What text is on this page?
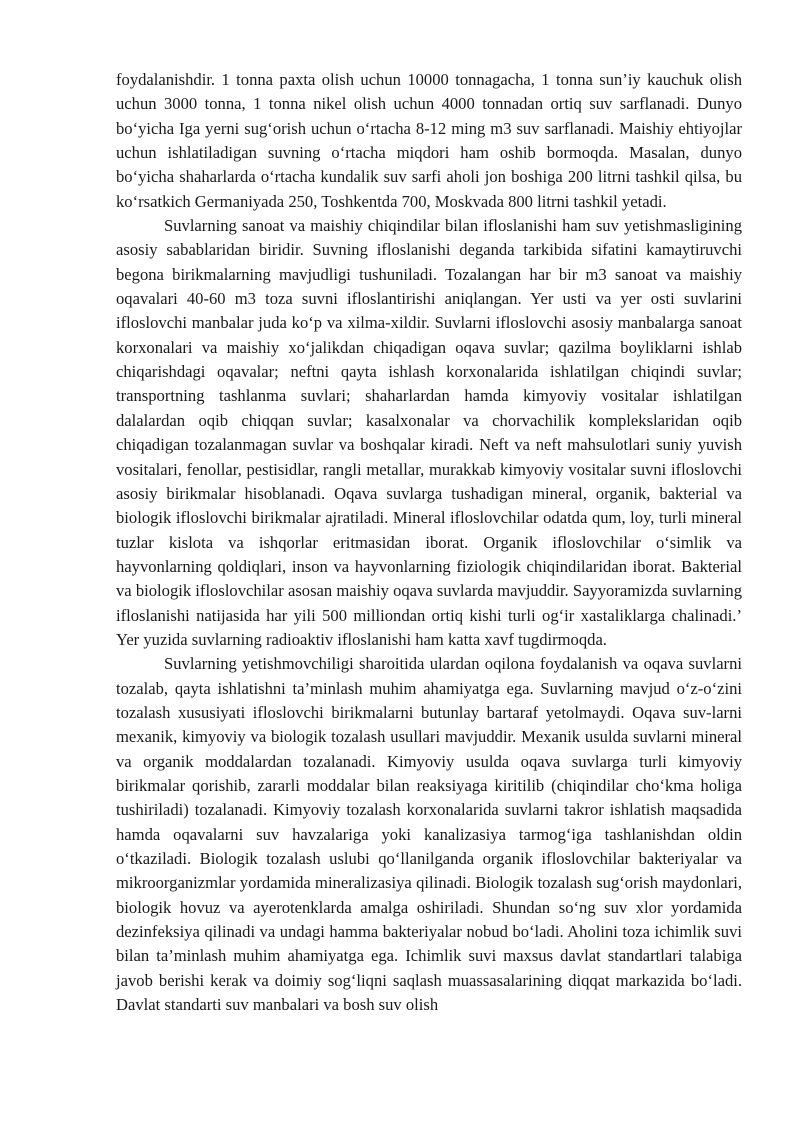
foydalanishdir. 1 tonna paxta olish uchun 10000 tonnagacha, 1 tonna sun’iy kauchuk olish uchun 3000 tonna, 1 tonna nikel olish uchun 4000 tonnadan ortiq suv sarflanadi. Dunyo bo‘yicha Iga yerni sug‘orish uchun o‘rtacha 8-12 ming m3 suv sarflanadi. Maishiy ehtiyojlar uchun ishlatiladigan suvning o‘rtacha miqdori ham oshib bormoqda. Masalan, dunyo bo‘yicha shaharlarda o‘rtacha kundalik suv sarfi aholi jon boshiga 200 litrni tashkil qilsa, bu ko‘rsatkich Germaniyada 250, Toshkentda 700, Moskvada 800 litrni tashkil yetadi.

Suvlarning sanoat va maishiy chiqindilar bilan ifloslanishi ham suv yetishmasligining asosiy sabablaridan biridir. Suvning ifloslanishi deganda tarkibida sifatini kamaytiruvchi begona birikmalarning mavjudligi tushuniladi. Tozalangan har bir m3 sanoat va maishiy oqavalari 40-60 m3 toza suvni ifloslantirishi aniqlangan. Yer usti va yer osti suvlarini ifloslovchi manbalar juda ko‘p va xilma-xildir. Suvlarni ifloslovchi asosiy manbalarga sanoat korxonalari va maishiy xo‘jalikdan chiqadigan oqava suvlar; qazilma boyliklarni ishlab chiqarishdagi oqavalar; neftni qayta ishlash korxonalarida ishlatilgan chiqindi suvlar; transportning tashlanma suvlari; shaharlardan hamda kimyoviy vositalar ishlatilgan dalalardan oqib chiqqan suvlar; kasalxonalar va chorvachilik komplekslaridan oqib chiqadigan tozalanmagan suvlar va boshqalar kiradi. Neft va neft mahsulotlari suniy yuvish vositalari, fenollar, pestisidlar, rangli metallar, murakkab kimyoviy vositalar suvni ifloslovchi asosiy birikmalar hisoblanadi. Oqava suvlarga tushadigan mineral, organik, bakterial va biologik ifloslovchi birikmalar ajratiladi. Mineral ifloslovchilar odatda qum, loy, turli mineral tuzlar kislota va ishqorlar eritmasidan iborat. Organik ifloslovchilar o‘simlik va hayvonlarning qoldiqlari, inson va hayvonlarning fiziologik chiqindilaridan iborat. Bakterial va biologik ifloslovchilar asosan maishiy oqava suvlarda mavjuddir. Sayyoramizda suvlarning ifloslanishi natijasida har yili 500 milliondan ortiq kishi turli og‘ir xastaliklarga chalinadi.’ Yer yuzida suvlarning radioaktiv ifloslanishi ham katta xavf tugdirmoqda.

Suvlarning yetishmovchiligi sharoitida ulardan oqilona foydalanish va oqava suvlarni tozalab, qayta ishlatishni ta’minlash muhim ahamiyatga ega. Suvlarning mavjud o‘z-o‘zini tozalash xususiyati ifloslovchi birikmalarni butunlay bartaraf yetolmaydi. Oqava suv-larni mexanik, kimyoviy va biologik tozalash usullari mavjuddir. Mexanik usulda suvlarni mineral va organik moddalardan tozalanadi. Kimyoviy usulda oqava suvlarga turli kimyoviy birikmalar qorishib, zararli moddalar bilan reaksiyaga kiritilib (chiqindilar cho‘kma holiga tushiriladi) tozalanadi. Kimyoviy tozalash korxonalarida suvlarni takror ishlatish maqsadida hamda oqavalarni suv havzalariga yoki kanalizasiya tarmog‘iga tashlanishdan oldin o‘tkaziladi. Biologik tozalash uslubi qo‘llanilganda organik ifloslovchilar bakteriyalar va mikroorganizmlar yordamida mineralizasiya qilinadi. Biologik tozalash sug‘orish maydonlari, biologik hovuz va ayerotenklarda amalga oshiriladi. Shundan so‘ng suv xlor yordamida dezinfeksiya qilinadi va undagi hamma bakteriyalar nobud bo‘ladi. Aholini toza ichimlik suvi bilan ta’minlash muhim ahamiyatga ega. Ichimlik suvi maxsus davlat standartlari talabiga javob berishi kerak va doimiy sog‘liqni saqlash muassasalarining diqqat markazida bo‘ladi. Davlat standarti suv manbalari va bosh suv olish
